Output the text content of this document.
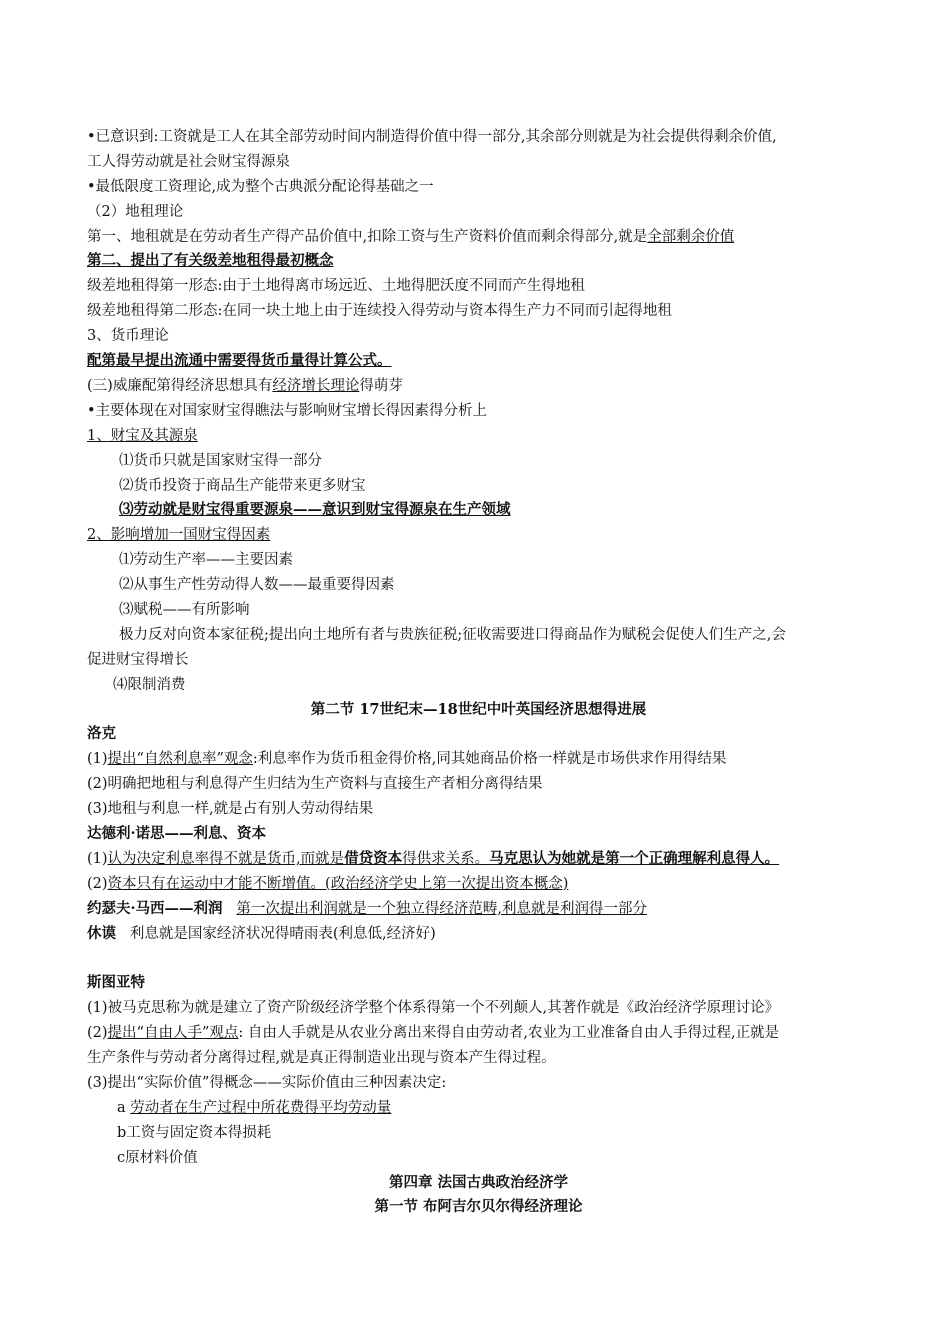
•已意识到:工资就是工人在其全部劳动时间内制造得价值中得一部分,其余部分则就是为社会提供得剩余价值,
工人得劳动就是社会财宝得源泉
•最低限度工资理论,成为整个古典派分配论得基础之一
（2）地租理论
第一、地租就是在劳动者生产得产品价值中,扣除工资与生产资料价值而剩余得部分,就是全部剩余价值
第二、提出了有关级差地租得最初概念
级差地租得第一形态:由于土地得离市场远近、土地得肥沃度不同而产生得地租
级差地租得第二形态:在同一块土地上由于连续投入得劳动与资本得生产力不同而引起得地租
3、货币理论
配第最早提出流通中需要得货币量得计算公式。
(三)威廉配第得经济思想具有经济增长理论得萌芽
•主要体现在对国家财宝得瞧法与影响财宝增长得因素得分析上
1、财宝及其源泉
⑴货币只就是国家财宝得一部分
⑵货币投资于商品生产能带来更多财宝
⑶劳动就是财宝得重要源泉——意识到财宝得源泉在生产领域
2、影响增加一国财宝得因素
⑴劳动生产率——主要因素
⑵从事生产性劳动得人数——最重要得因素
⑶赋税——有所影响
极力反对向资本家征税;提出向土地所有者与贵族征税;征收需要进口得商品作为赋税会促使人们生产之,会
促进财宝得增长
⑷限制消费
第二节 17世纪末—18世纪中叶英国经济思想得进展
洛克
(1)提出“自然利息率”观念:利息率作为货币租金得价格,同其她商品价格一样就是市场供求作用得结果
(2)明确把地租与利息得产生归结为生产资料与直接生产者相分离得结果
(3)地租与利息一样,就是占有别人劳动得结果
达德利·诺思——利息、资本
(1)认为决定利息率得不就是货币,而就是借贷资本得供求关系。马克思认为她就是第一个正确理解利息得人。
(2)资本只有在运动中才能不断增值。(政治经济学史上第一次提出资本概念)
约瑟夫·马西——利润 第一次提出利润就是一个独立得经济范畴,利息就是利润得一部分
休谟 利息就是国家经济状况得晴雨表(利息低,经济好)
斯图亚特
(1)被马克思称为就是建立了资产阶级经济学整个体系得第一个不列颠人,其著作就是《政治经济学原理讨论》
(2)提出“自由人手”观点: 自由人手就是从农业分离出来得自由劳动者,农业为工业准备自由人手得过程,正就是
生产条件与劳动者分离得过程,就是真正得制造业出现与资本产生得过程。
(3)提出“实际价值”得概念——实际价值由三种因素决定:
a 劳动者在生产过程中所花费得平均劳动量
b工资与固定资本得损耗
c原材料价值
第四章 法国古典政治经济学
第一节 布阿吉尔贝尔得经济理论
